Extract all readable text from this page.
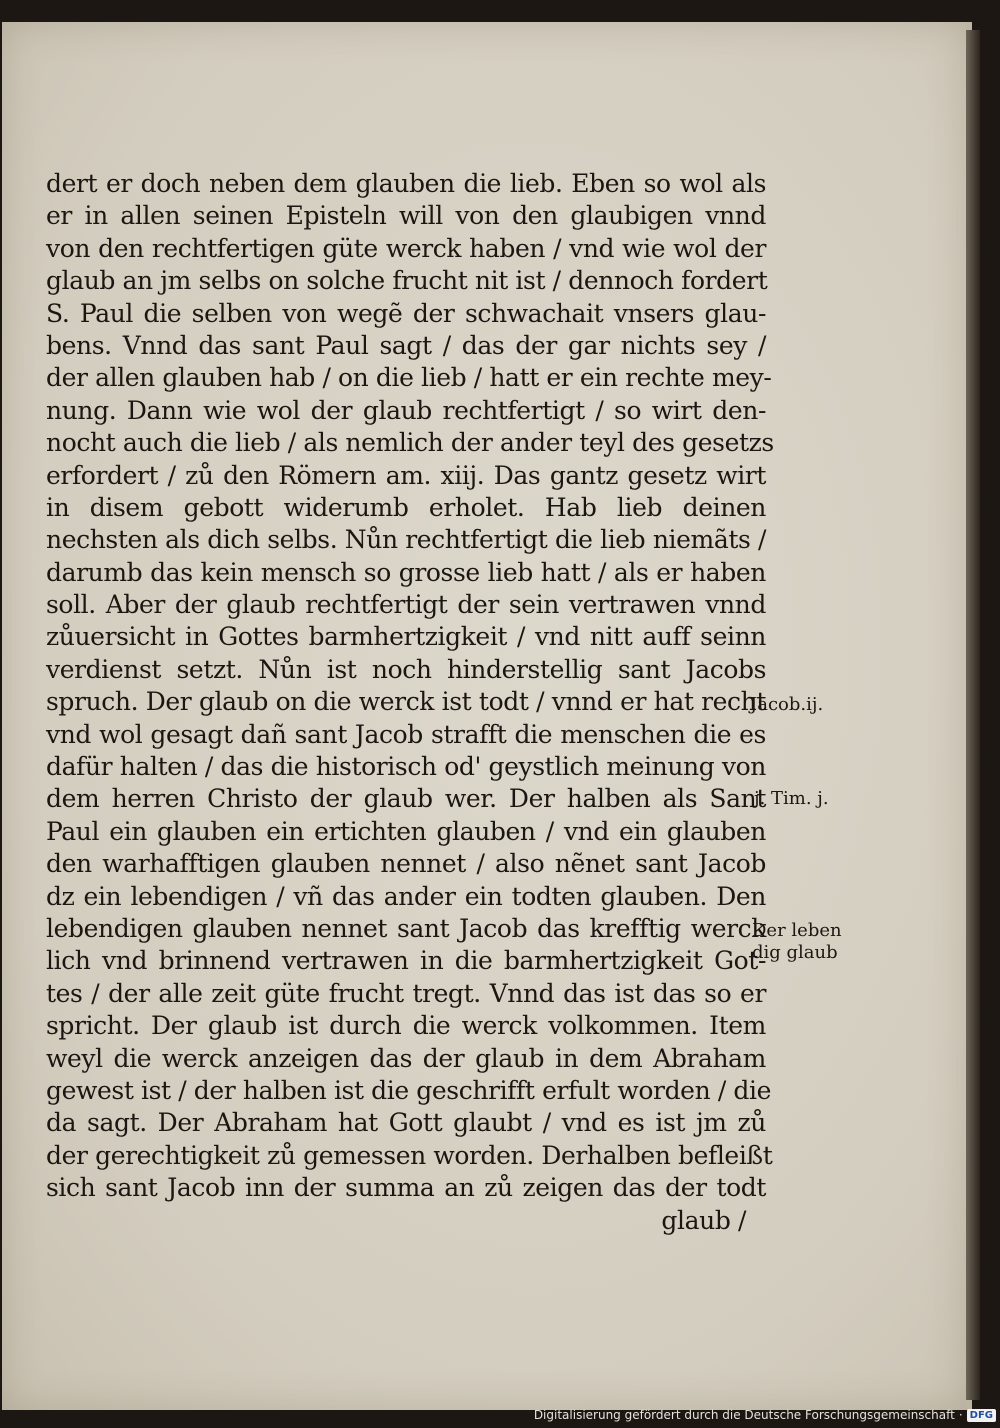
dert er doch neben dem glauben die lieb. Eben so wol als
er in allen seinen Episteln will von den glaubigen vnnd
von den rechtfertigen güte werck haben / vnd wie wol der
glaub an jm selbs on solche frucht nit ist / dennoch fordert
S. Paul die selben von wegẽ der schwachait vnsers glau-
bens. Vnnd das sant Paul sagt / das der gar nichts sey /
der allen glauben hab / on die lieb / hatt er ein rechte mey-
nung. Dann wie wol der glaub rechtfertigt / so wirt den-
nocht auch die lieb / als nemlich der ander teyl des gesetzs
erfordert / zů den Römern am. xiij. Das gantz gesetz wirt
in disem gebott widerumb erholet. Hab lieb deinen
nechsten als dich selbs. Nůn rechtfertigt die lieb niemãts /
darumb das kein mensch so grosse lieb hatt / als er haben
soll. Aber der glaub rechtfertigt der sein vertrawen vnnd
zůuersicht in Gottes barmhertzigkeit / vnd nitt auff seinn
verdienst setzt. Nůn ist noch hinderstellig sant Jacobs
spruch. Der glaub on die werck ist todt / vnnd er hat recht
vnd wol gesagt dañ sant Jacob strafft die menschen die es
dafür halten / das die historisch od' geystlich meinung von
dem herren Christo der glaub wer. Der halben als Sant
Paul ein glauben ein ertichten glauben / vnd ein glauben
den warhafftigen glauben nennet / also nẽnet sant Jacob
dz ein lebendigen / vñ das ander ein todten glauben. Den
lebendigen glauben nennet sant Jacob das krefftig werck
lich vnd brinnend vertrawen in die barmhertzigkeit Got-
tes / der alle zeit güte frucht tregt. Vnnd das ist das so er
spricht. Der glaub ist durch die werck volkommen. Item
weyl die werck anzeigen das der glaub in dem Abraham
gewest ist / der halben ist die geschrifft erfult worden / die
da sagt. Der Abraham hat Gott glaubt / vnd es ist jm zů
der gerechtigkeit zů gemessen worden. Derhalben befleißt
sich sant Jacob inn der summa an zů zeigen das der todt
glaub /
Jacob.ij.
j. Tim. j.
Der leben
dig glaub
Digitalisierung gefördert durch die Deutsche Forschungsgemeinschaft · DFG
